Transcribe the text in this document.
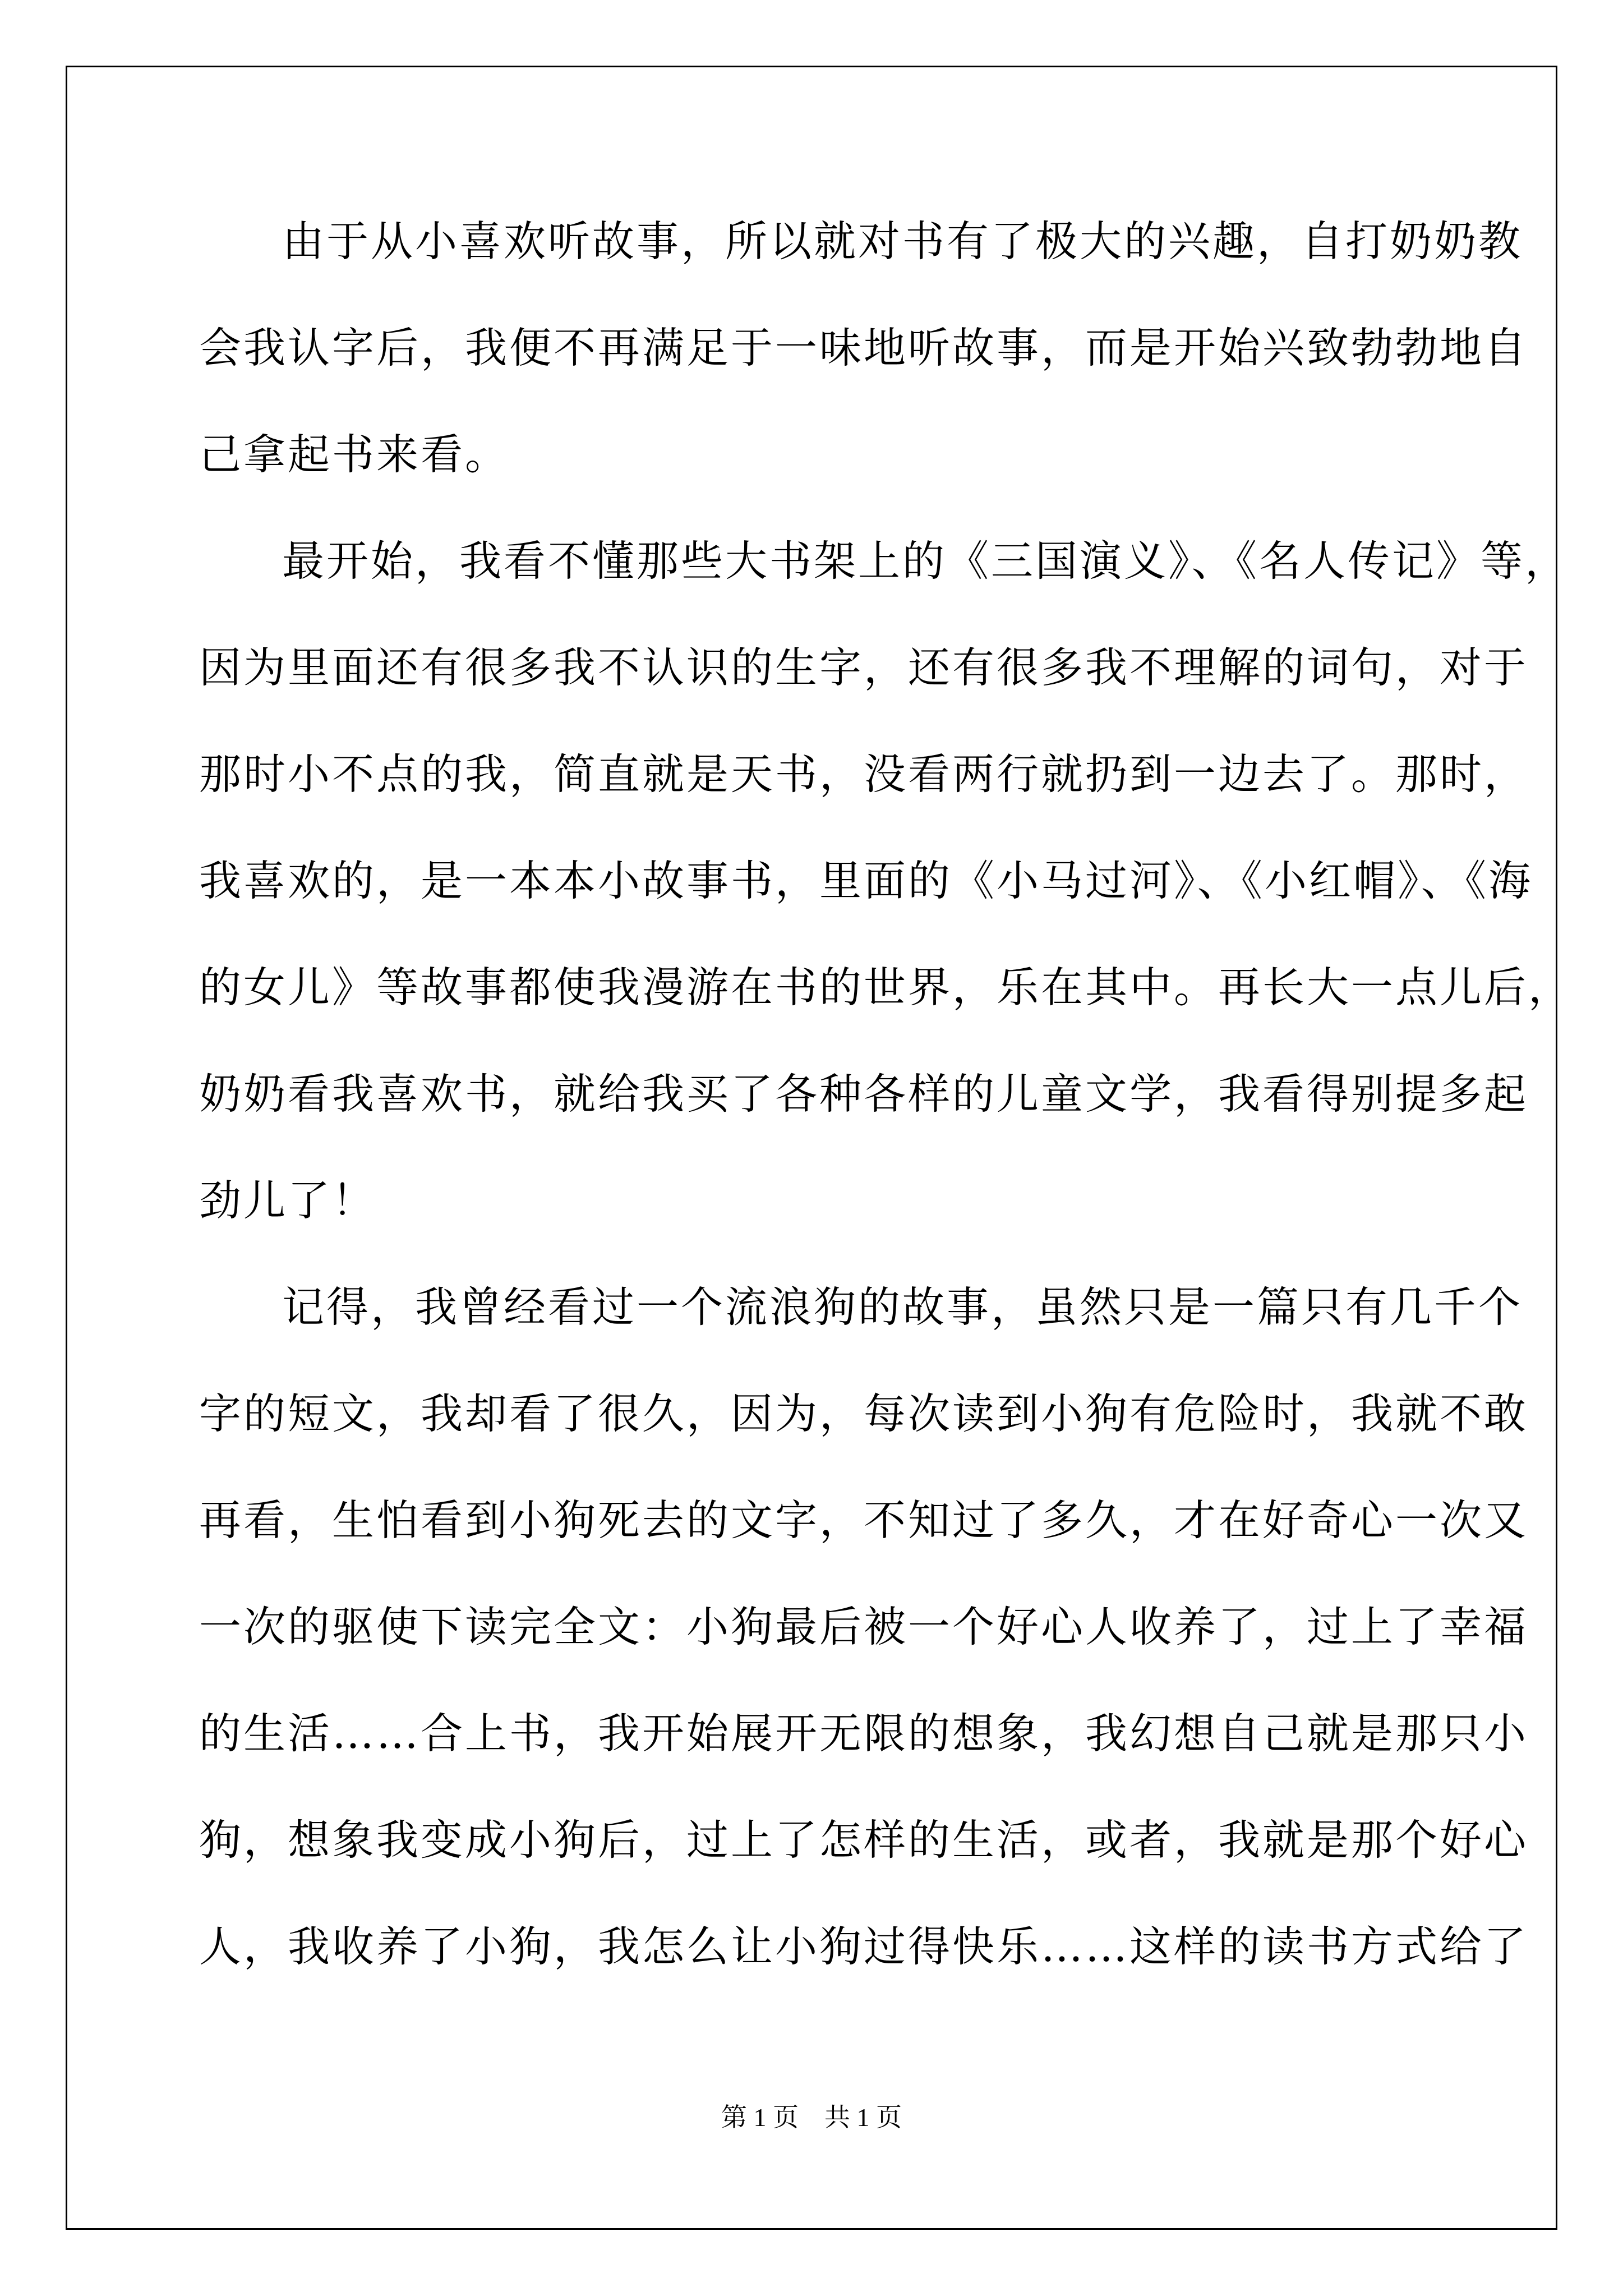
由于从小喜欢听故事，所以就对书有了极大的兴趣，自打奶奶教
会我认字后，我便不再满足于一味地听故事，而是开始兴致勃勃地自
己拿起书来看。
最开始，我看不懂那些大书架上的《三国演义》、《名人传记》等，
因为里面还有很多我不认识的生字，还有很多我不理解的词句，对于
那时小不点的我，简直就是天书，没看两行就扔到一边去了。那时，
我喜欢的，是一本本小故事书，里面的《小马过河》、《小红帽》、《海
的女儿》等故事都使我漫游在书的世界，乐在其中。再长大一点儿后，
奶奶看我喜欢书，就给我买了各种各样的儿童文学，我看得别提多起
劲儿了！
记得，我曾经看过一个流浪狗的故事，虽然只是一篇只有几千个
字的短文，我却看了很久，因为，每次读到小狗有危险时，我就不敢
再看，生怕看到小狗死去的文字，不知过了多久，才在好奇心一次又
一次的驱使下读完全文：小狗最后被一个好心人收养了，过上了幸福
的生活……合上书，我开始展开无限的想象，我幻想自己就是那只小
狗，想象我变成小狗后，过上了怎样的生活，或者，我就是那个好心
人，我收养了小狗，我怎么让小狗过得快乐……这样的读书方式给了
第 1 页　共 1 页
